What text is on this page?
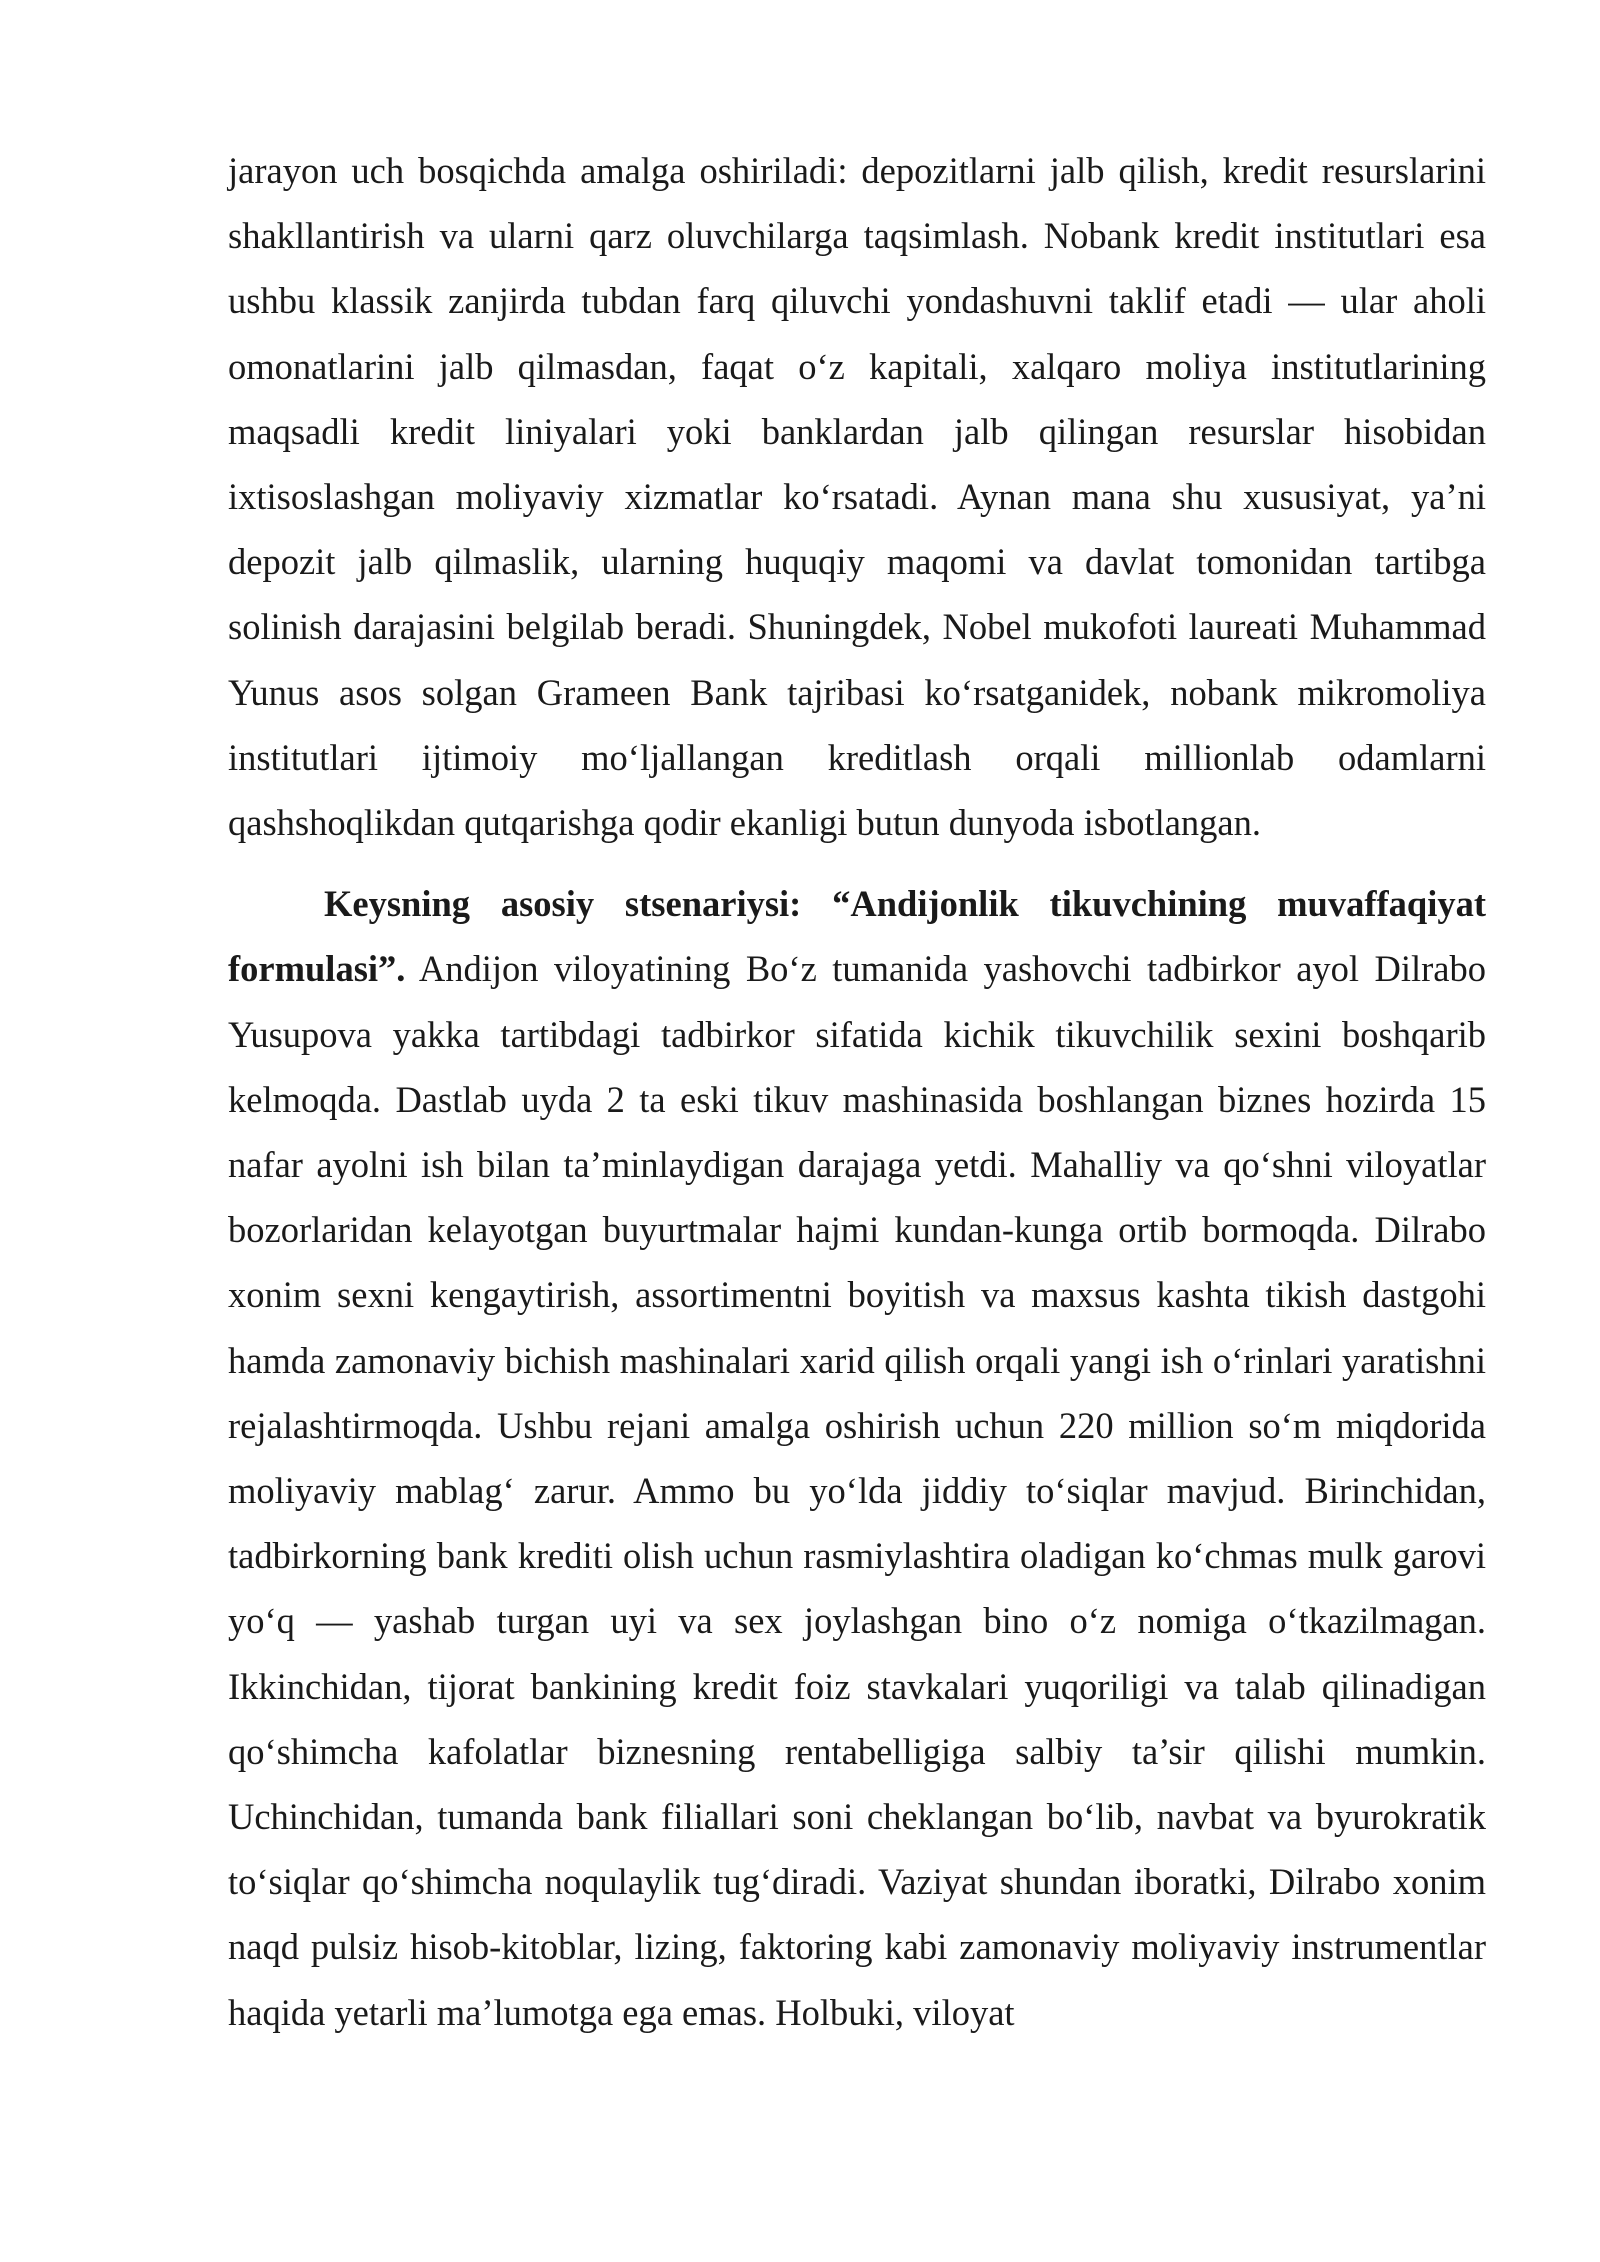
jarayon uch bosqichda amalga oshiriladi: depozitlarni jalb qilish, kredit resurslarini shakllantirish va ularni qarz oluvchilarga taqsimlash. Nobank kredit institutlari esa ushbu klassik zanjirda tubdan farq qiluvchi yondashuvni taklif etadi — ular aholi omonatlarini jalb qilmasdan, faqat o‘z kapitali, xalqaro moliya institutlarining maqsadli kredit liniyalari yoki banklardan jalb qilingan resurslar hisobidan ixtisoslashgan moliyaviy xizmatlar ko‘rsatadi. Aynan mana shu xususiyat, ya’ni depozit jalb qilmaslik, ularning huquqiy maqomi va davlat tomonidan tartibga solinish darajasini belgilab beradi. Shuningdek, Nobel mukofoti laureati Muhammad Yunus asos solgan Grameen Bank tajribasi ko‘rsatganidek, nobank mikromoliya institutlari ijtimoiy mo‘ljallangan kreditlash orqali millionlab odamlarni qashshoqlikdan qutqarishga qodir ekanligi butun dunyoda isbotlangan.

Keysning asosiy stsenariysi: “Andijonlik tikuvchining muvaffaqiyat formulasi”. Andijon viloyatining Bo‘z tumanida yashovchi tadbirkor ayol Dilrabo Yusupova yakka tartibdagi tadbirkor sifatida kichik tikuvchilik sexini boshqarib kelmoqda. Dastlab uyda 2 ta eski tikuv mashinasida boshlangan biznes hozirda 15 nafar ayolni ish bilan ta’minlaydigan darajaga yetdi. Mahalliy va qo‘shni viloyatlar bozorlaridan kelayotgan buyurtmalar hajmi kundan-kunga ortib bormoqda. Dilrabo xonim sexni kengaytirish, assortimentni boyitish va maxsus kashta tikish dastgohi hamda zamonaviy bichish mashinalari xarid qilish orqali yangi ish o‘rinlari yaratishni rejalashtirmoqda. Ushbu rejani amalga oshirish uchun 220 million so‘m miqdorida moliyaviy mablag‘ zarur. Ammo bu yo‘lda jiddiy to‘siqlar mavjud. Birinchidan, tadbirkorning bank krediti olish uchun rasmiylashtira oladigan ko‘chmas mulk garovi yo‘q — yashab turgan uyi va sex joylashgan bino o‘z nomiga o‘tkazilmagan. Ikkinchidan, tijorat bankining kredit foiz stavkalari yuqoriligi va talab qilinadigan qo‘shimcha kafolatlar biznesning rentabelligiga salbiy ta’sir qilishi mumkin. Uchinchidan, tumanda bank filiallari soni cheklangan bo‘lib, navbat va byurokratik to‘siqlar qo‘shimcha noqulaylik tug‘diradi. Vaziyat shundan iboratki, Dilrabo xonim naqd pulsiz hisob-kitoblar, lizing, faktoring kabi zamonaviy moliyaviy instrumentlar haqida yetarli ma’lumotga ega emas. Holbuki, viloyat
